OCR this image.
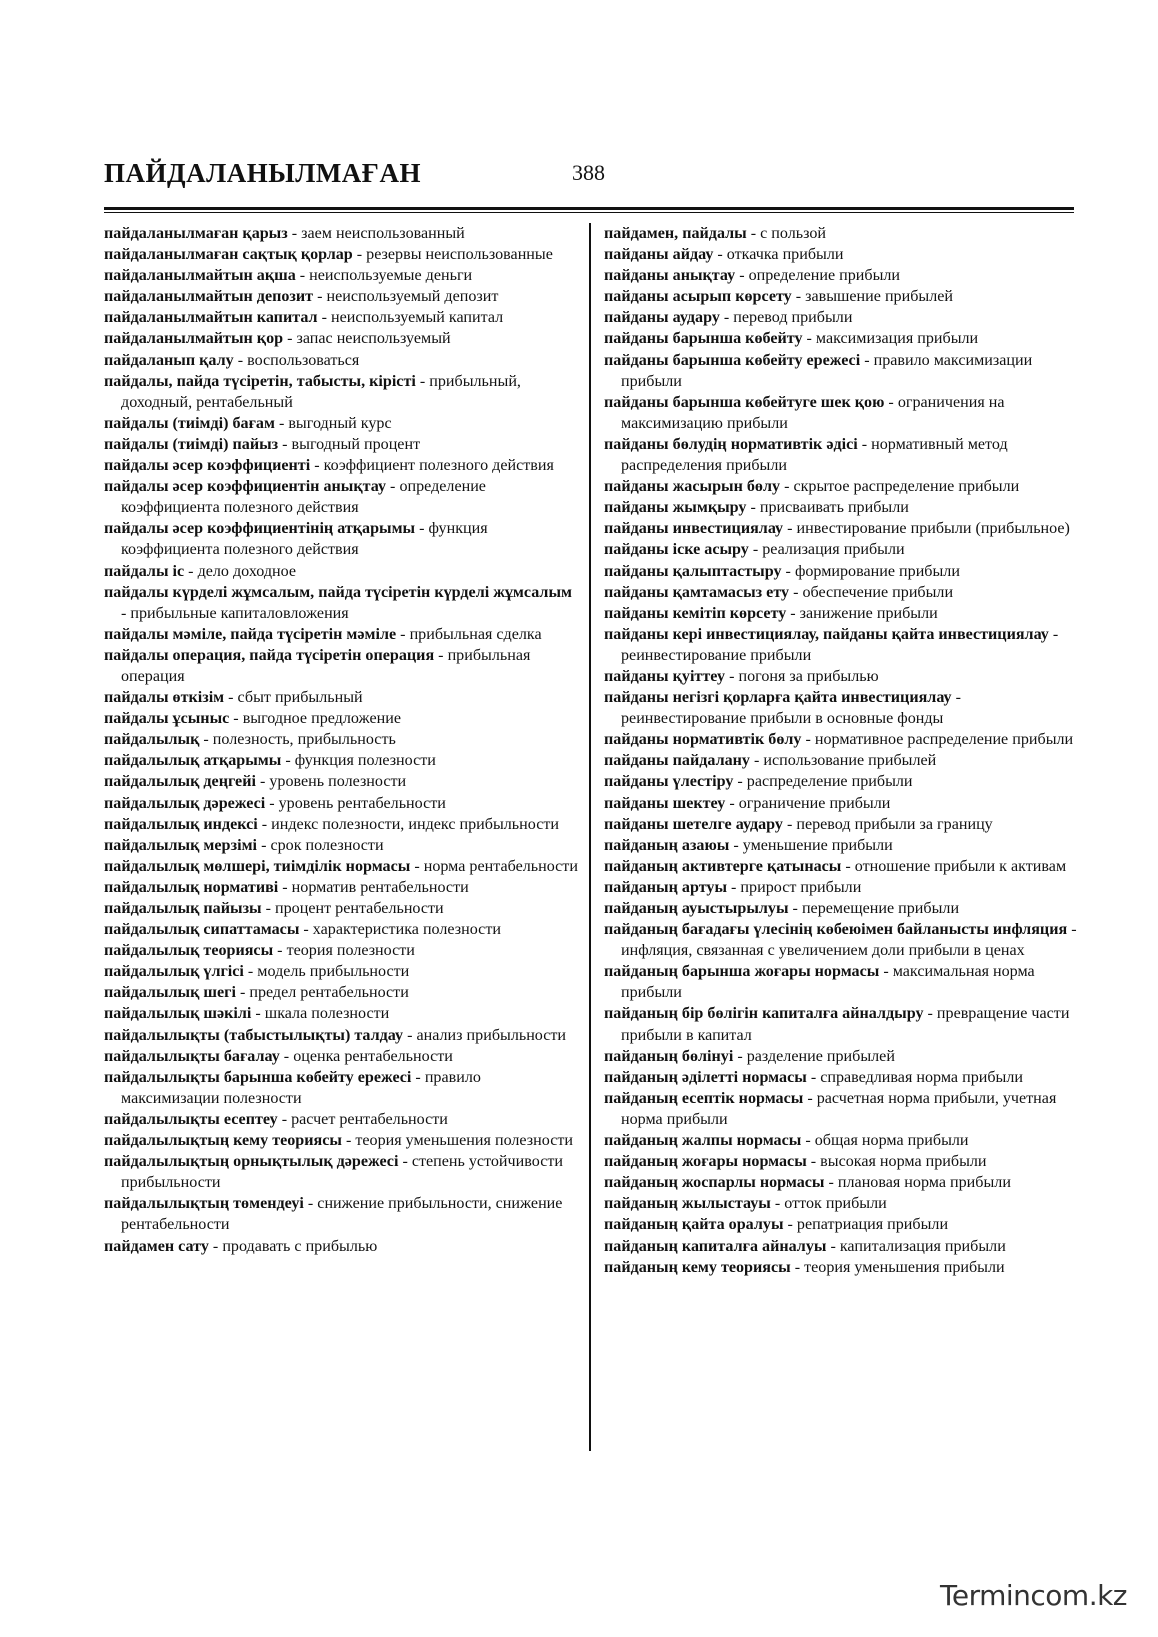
ПАЙДАЛАНЫЛМАҒАН	388

пайдаланылмаған қарыз - заем неиспользованный

пайдаланылмаған сақтық қорлар - резервы неиспользованные

пайдаланылмайтын ақша - неиспользуемые деньги

пайдаланылмайтын депозит - неиспользуемый депозит

пайдаланылмайтын капитал - неиспользуемый капитал

пайдаланылмайтын қор - запас неиспользуемый

пайдаланып қалу - воспользоваться

пайдалы, пайда түсіретін, табысты, кірісті - прибыльный, доходный, рентабельный

пайдалы (тиімді) бағам - выгодный курс

пайдалы (тиімді) пайыз - выгодный процент

пайдалы әсер коэффициенті - коэффициент полезного действия

пайдалы әсер коэффициентін анықтау - определение коэффициента полезного действия

пайдалы әсер коэффициентінің атқарымы - функция коэффициента полезного действия

пайдалы іс - дело доходное

пайдалы күрделі жұмсалым, пайда түсіретін күрделі жұмсалым - прибыльные капиталовложения

пайдалы мәміле, пайда түсіретін мәміле - прибыльная сделка

пайдалы операция, пайда түсіретін операция - прибыльная операция

пайдалы өткізім - сбыт прибыльный

пайдалы ұсыныс - выгодное предложение

пайдалылық - полезность, прибыльность

пайдалылық атқарымы - функция полезности

пайдалылық деңгейі - уровень полезности

пайдалылық дәрежесі - уровень рентабельности

пайдалылық индексі - индекс полезности, индекс прибыльности

пайдалылық мерзімі - срок полезности

пайдалылық мөлшері, тиімділік нормасы - норма рентабельности

пайдалылық нормативі - норматив рентабельности

пайдалылық пайызы - процент рентабельности

пайдалылық сипаттамасы - характеристика полезности

пайдалылық теориясы - теория полезности

пайдалылық үлгісі - модель прибыльности

пайдалылық шегі - предел рентабельности

пайдалылық шәкілі - шкала полезности

пайдалылықты (табыстылықты) талдау - анализ прибыльности

пайдалылықты бағалау - оценка рентабельности

пайдалылықты барынша көбейту ережесі - правило максимизации полезности

пайдалылықты есептеу - расчет рентабельности

пайдалылықтың кему теориясы - теория уменьшения полезности

пайдалылықтың орнықтылық дәрежесі - степень устойчивости прибыльности

пайдалылықтың төмендеуі - снижение прибыльности, снижение рентабельности

пайдамен сату - продавать с прибылью

пайдамен, пайдалы - с пользой

пайданы айдау - откачка прибыли

пайданы анықтау - определение прибыли

пайданы асырып көрсету - завышение прибылей

пайданы аудару - перевод прибыли

пайданы барынша көбейту - максимизация прибыли

пайданы барынша көбейту ережесі - правило максимизации прибыли

пайданы барынша көбейтуге шек қою - ограничения на максимизацию прибыли

пайданы бөлудің нормативтік әдісі - нормативный метод распределения прибыли

пайданы жасырын бөлу - скрытое распределение прибыли

пайданы жымқыру - присваивать прибыли

пайданы инвестициялау - инвестирование прибыли (прибыльное)

пайданы іске асыру - реализация прибыли

пайданы қалыптастыру - формирование прибыли

пайданы қамтамасыз ету - обеспечение прибыли

пайданы кемітіп көрсету - занижение прибыли

пайданы кері инвестициялау, пайданы қайта инвестициялау - реинвестирование прибыли

пайданы қуіттеу - погоня за прибылью

пайданы негізгі қорларға қайта инвестициялау - реинвестирование прибыли в основные фонды

пайданы нормативтік бөлу - нормативное распределение прибыли

пайданы пайдалану - использование прибылей

пайданы үлестіру - распределение прибыли

пайданы шектеу - ограничение прибыли

пайданы шетелге аудару - перевод прибыли за границу

пайданың азаюы - уменьшение прибыли

пайданың активтерге қатынасы - отношение прибыли к активам

пайданың артуы - прирост прибыли

пайданың ауыстырылуы - перемещение прибыли

пайданың бағадағы үлесінің көбеюімен байланысты инфляция - инфляция, связанная с увеличением доли прибыли в ценах

пайданың барынша жоғары нормасы - максимальная норма прибыли

пайданың бір бөлігін капиталға айналдыру - превращение части прибыли в капитал

пайданың бөлінуі - разделение прибылей

пайданың әділетті нормасы - справедливая норма прибыли

пайданың есептік нормасы - расчетная норма прибыли, учетная норма прибыли

пайданың жалпы нормасы - общая норма прибыли

пайданың жоғары нормасы - высокая норма прибыли

пайданың жоспарлы нормасы - плановая норма прибыли

пайданың жылыстауы - отток прибыли

пайданың қайта оралуы - репатриация прибыли

пайданың капиталға айналуы - капитализация прибыли

пайданың кему теориясы - теория уменьшения прибыли

Termincom.kz
